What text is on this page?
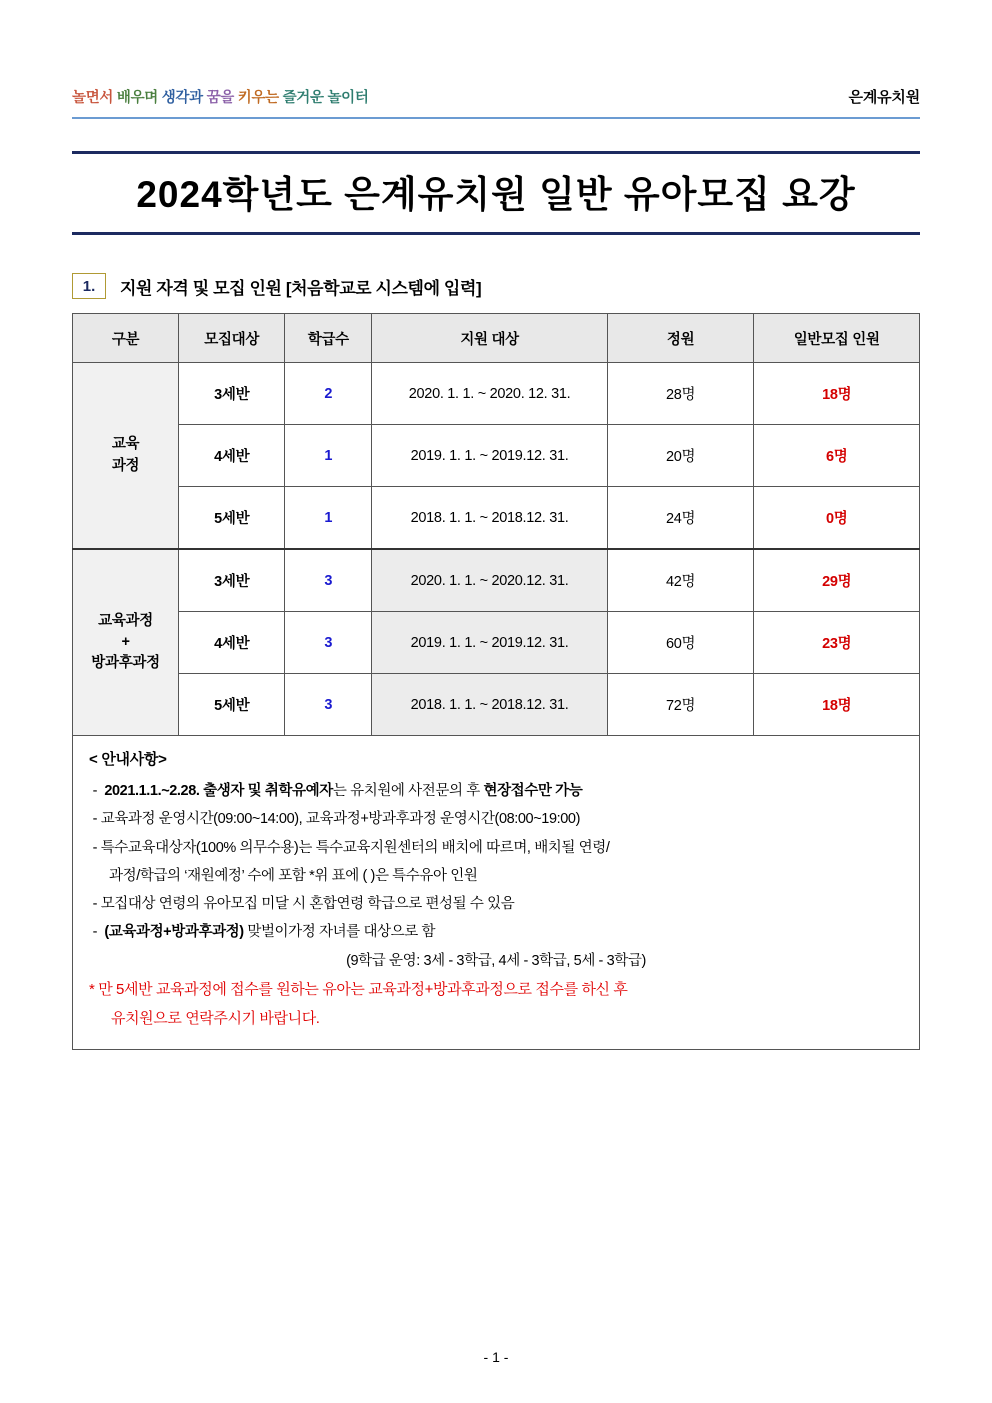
놀면서 배우며 생각과 꿈을 키우는 즐거운 놀이터	은계유치원
2024학년도 은계유치원 일반 유아모집 요강
1.	지원 자격 및 모집 인원 [처음학교로 시스템에 입력]
구분	모집대상	학급수	지원 대상	정원	일반모집 인원
교육
과정	3세반	2	2020. 1. 1. ~ 2020. 12. 31.	28명	18명
	4세반	1	2019. 1. 1. ~ 2019.12. 31.	20명	6명
	5세반	1	2018. 1. 1. ~ 2018.12. 31.	24명	0명
교육과정
+
방과후과정	3세반	3	2020. 1. 1. ~ 2020.12. 31.	42명	29명
	4세반	3	2019. 1. 1. ~ 2019.12. 31.	60명	23명
	5세반	3	2018. 1. 1. ~ 2018.12. 31.	72명	18명
< 안내사항>
-  2021.1.1.~2.28. 출생자 및 취학유예자는 유치원에 사전문의 후 현장접수만 가능
- 교육과정 운영시간(09:00~14:00), 교육과정+방과후과정 운영시간(08:00~19:00)
- 특수교육대상자(100% 의무수용)는 특수교육지원센터의 배치에 따르며, 배치될 연령/
과정/학급의 ‘재원예정’ 수에 포함 *위 표에 ( )은 특수유아 인원
- 모집대상 연령의 유아모집 미달 시 혼합연령 학급으로 편성될 수 있음
-  (교육과정+방과후과정) 맞벌이가정 자녀를 대상으로 함
(9학급 운영: 3세 - 3학급, 4세 - 3학급, 5세 - 3학급)
* 만 5세반 교육과정에 접수를 원하는 유아는 교육과정+방과후과정으로 접수를 하신 후
유치원으로 연락주시기 바랍니다.
- 1 -
